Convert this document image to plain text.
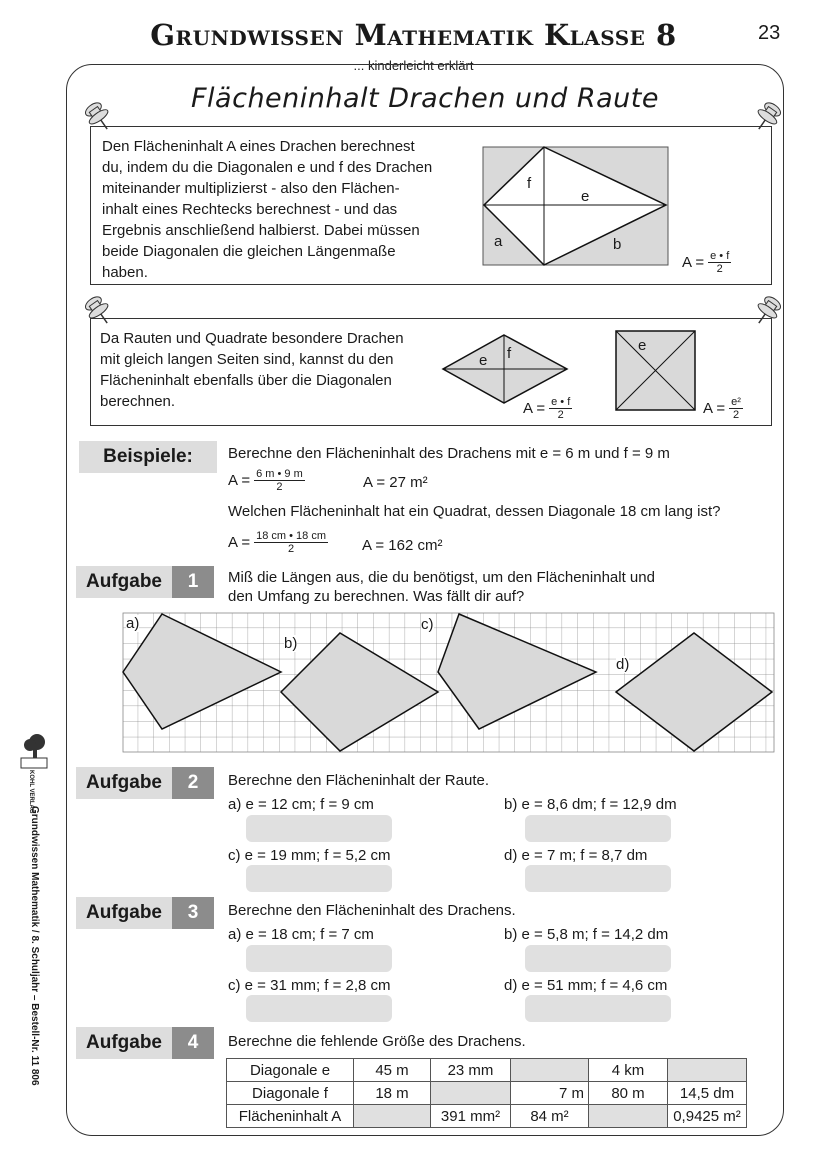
Grundwissen Mathematik Klasse 8	23
... kinderleicht erklärt
Flächeninhalt Drachen und Raute
Den Flächeninhalt A eines Drachen berechnest
du, indem du die Diagonalen e und f des Drachen
miteinander multiplizierst - also den Flächen-
inhalt eines Rechtecks berechnest - und das
Ergebnis anschließend halbierst. Dabei müssen
beide Diagonalen die gleichen Längenmaße
haben.
f
e
a	b
$A = \frac{e • f}{2}$
Da Rauten und Quadrate besondere Drachen
mit gleich langen Seiten sind, kannst du den
Flächeninhalt ebenfalls über die Diagonalen
berechnen.
e f
$A = \frac{e • f}{2}$
e
$A = \frac{\text{e²}}{2}$
Beispiele:	Berechne den Flächeninhalt des Drachens mit e = 6 m und f = 9 m
$A = \frac{6 m • 9 m}{2}$	A = 27 m²
Welchen Flächeninhalt hat ein Quadrat, dessen Diagonale 18 cm lang ist?
$A = \frac{18 cm • 18 cm}{2}$ A = 162 cm²
Aufgabe	1	Miß die Längen aus, die du benötigst, um den Flächeninhalt und
den Umfang zu berechnen. Was fällt dir auf?
a)
b)
c)
d)
Aufgabe	2	Berechne den Flächeninhalt der Raute.
a) e = 12 cm; f = 9 cm	b) e = 8,6 dm; f = 12,9 dm
c) e = 19 mm; f = 5,2 cm	d) e = 7 m; f = 8,7 dm
Aufgabe	3	Berechne den Flächeninhalt des Drachens.
a) e = 18 cm; f = 7 cm	b) e = 5,8 m; f = 14,2 dm
c) e = 31 mm; f = 2,8 cm	d) e = 51 mm; f = 4,6 cm
Aufgabe	4	Berechne die fehlende Größe des Drachens.
Diagonale e	45 m	23 mm		4 km	
Diagonale f	18 m		7 m	80 m	14,5 dm
Flächeninhalt A		391 mm²	84 m²		0,9425 m²
KOHL VERLAG
Grundwissen Mathematik / 8. Schuljahr – Bestell-Nr. 11 806
